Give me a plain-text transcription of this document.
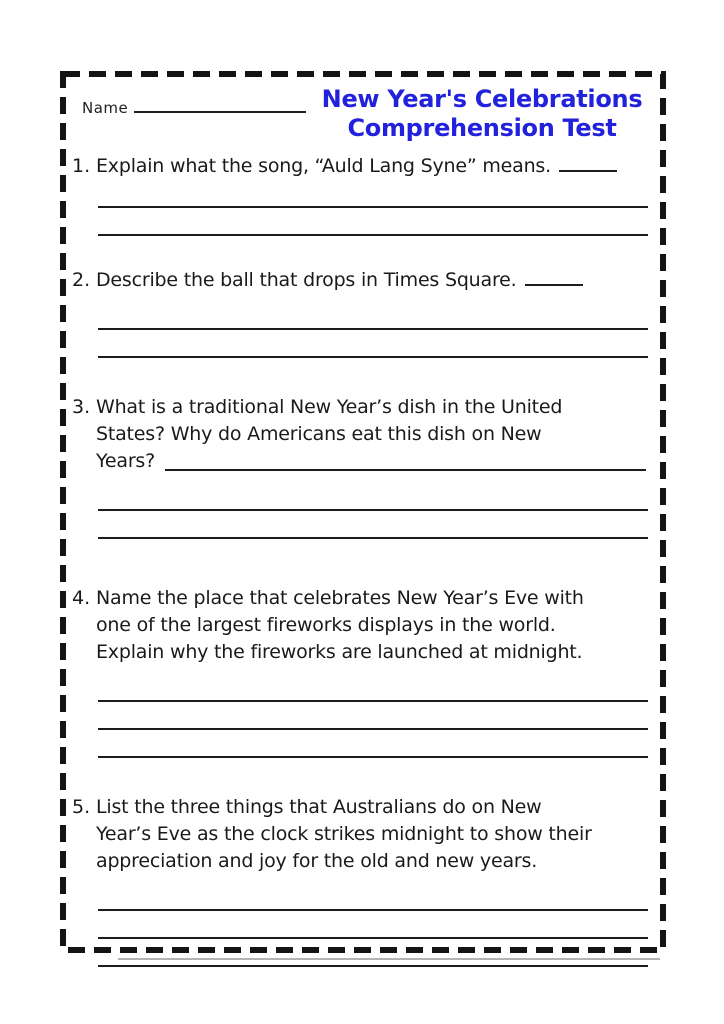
Name	New Year's Celebrations
Comprehension Test
1. Explain what the song, “Auld Lang Syne” means.
2. Describe the ball that drops in Times Square.
3. What is a traditional New Year’s dish in the United
States? Why do Americans eat this dish on New
Years?
4. Name the place that celebrates New Year’s Eve with
one of the largest fireworks displays in the world.
Explain why the fireworks are launched at midnight.
5. List the three things that Australians do on New
Year’s Eve as the clock strikes midnight to show their
appreciation and joy for the old and new years.
